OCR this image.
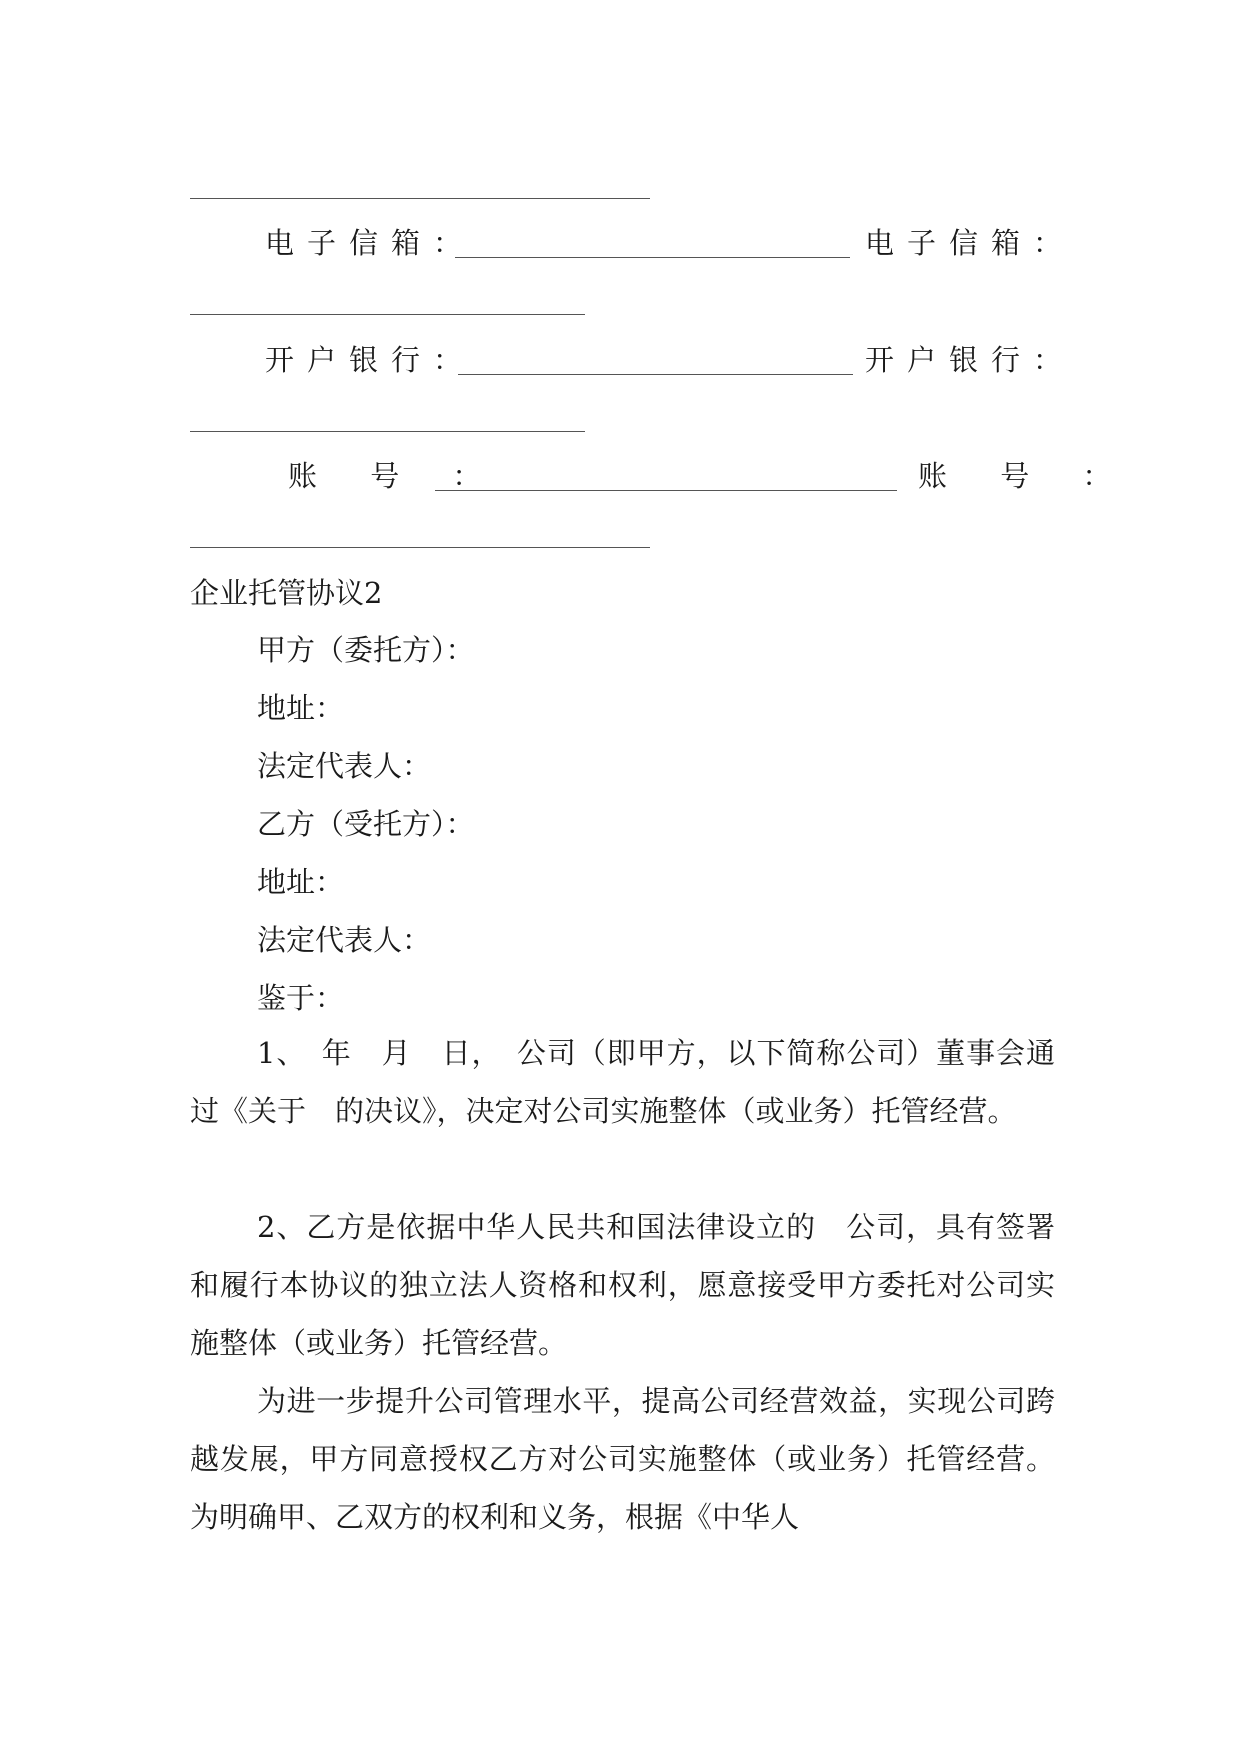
电子信箱：	电子信箱：
开户银行：	开户银行：
账 号 ：	账 号 ：
企业托管协议2
甲方（委托方）：
地址：
法定代表人：
乙方（受托方）：
地址：
法定代表人：
鉴于：

1、　年　月　日，　公司（即甲方，以下简称公司）董事会通过《关于　的决议》，决定对公司实施整体（或业务）托管经营。

2、乙方是依据中华人民共和国法律设立的　公司，具有签署和履行本协议的独立法人资格和权利，愿意接受甲方委托对公司实施整体（或业务）托管经营。

为进一步提升公司管理水平，提高公司经营效益，实现公司跨越发展，甲方同意授权乙方对公司实施整体（或业务）托管经营。为明确甲、乙双方的权利和义务，根据《中华人
